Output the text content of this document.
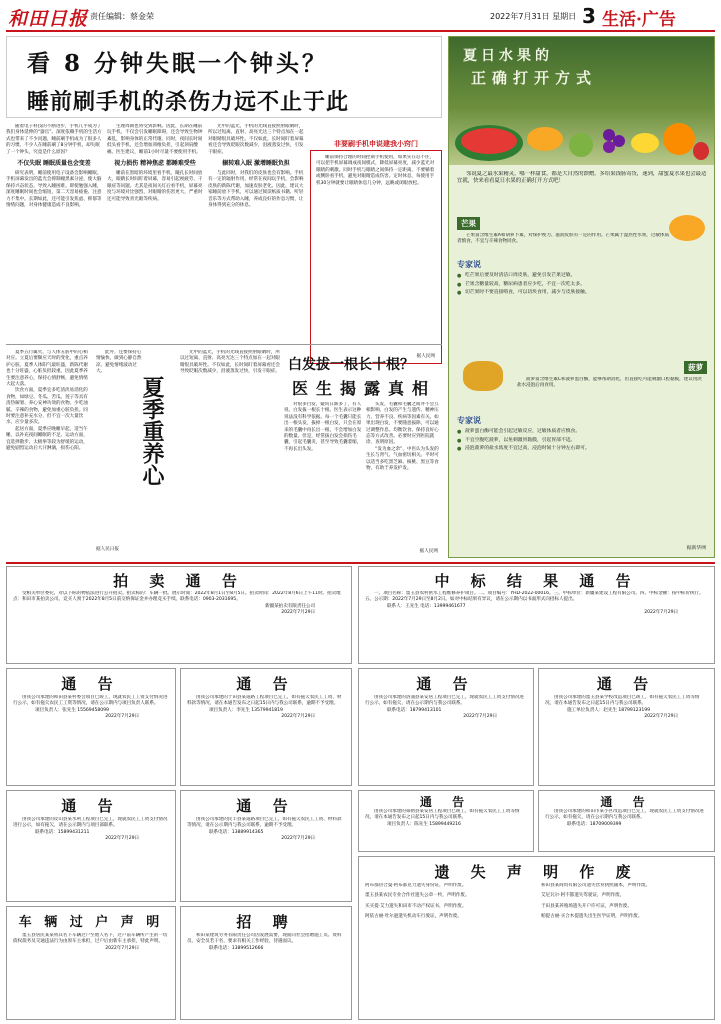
和田日报 责任编辑：蔡金荣	2022年7月31日 星期日 3 生活·广告
看 8 分钟失眠一个钟头？
睡前刷手机的杀伤力远不止于此

随着电子科技的不断进步，手机几乎成为了我们身体延伸的“器官”。深度依赖手机的生活方式也带来了不少问题，睡前刷手机成为了很多人的习惯，不少人在睡前刷了8分钟手机，却失眠了一个钟头，究竟是什么原因？

不仅失眠 睡眠质量也会变差

研究表明，睡前使用电子设备会影响睡眠。手机屏幕发出的蓝光会抑制褪黑素分泌，使大脑保持兴奋状态，导致入睡困难。即使勉强入睡，深度睡眠时间也会缩短，第二天容易疲倦、注意力不集中。长期如此，还可能引发焦虑、抑郁等情绪问题，对身体健康造成不良影响。

生理周期也将受到影响。因此，长期在睡前玩手机，不仅会引发睡眠障碍，还会导致生物钟紊乱，影响身体的正常代谢。同时，夜间长时间低头看手机，还会增加颈椎负担，引起颈肩酸痛。医生建议，睡前1小时尽量不要使用手机。

视力损伤 精神焦虑 都睡难受些

睡前在黑暗的环境里看手机，瞳孔长时间放大，眼睛长时间盯着屏幕，容易引起视疲劳、干眼症等问题。尤其是夜间关灯后看手机，屏幕亮度与环境对比强烈，对眼睛的伤害更大，严重时还可能导致青光眼等疾病。

光中的蓝光，手机的光线直接照射眼睛时，所以过短离、直射、高亮光达三个特点加在一起对眼睛很具破坏性。不仅如此，长时间盯着屏幕看还会导致眨眼次数减少，泪液蒸发过快，引发干眼症。

辗转难入眠 激增睡眠负担

与此同时，对我们的皮肤也会有影响。手机有一定的辐射作用，经常在夜间玩手机，会影响皮肤的新陈代谢，加速皮肤老化。因此，建议大家睡前放下手机，可以通过阅读纸质书籍、听轻音乐等方式帮助入睡，养成良好的作息习惯，让身体得到充分的休息。

非要刷手机申说建我小窍门

睡前保持合理的时间控制手机使用，如果实在忍不住，可以把手机屏幕调成夜间模式，降低屏幕亮度，减少蓝光对眼睛的刺激。同时手机与眼睛之间保持一定距离，不要躺着或侧卧看手机，避免对眼睛造成伤害。定时休息，每使用手机30分钟就要让眼睛休息几分钟，远眺或闭眼放松。

据人民网

夏季五行属火，与人体五脏中的心相对应。立夏后要顺应天时的变化，重点养护心脏。夏季人体阳气最旺盛，新陈代谢也十分旺盛，心脏负担较重。因此夏季养生要注意养心，保持心情舒畅，避免情绪大起大落。

饮食方面，夏季宜多吃清淡易消化的食物，如绿豆、冬瓜、苦瓜、莲子等具有清热解暑、养心安神功效的食物。少吃油腻、辛辣的食物，避免加重心脏负担。同时要注意补充水分，但不宜一次大量饮水，应少量多次。

起居方面，夏季应晚睡早起，适当午睡，以补充夜间睡眠的不足。运动方面，宜选择散步、太极拳等较为舒缓的运动，避免剧烈运动后大汗淋漓，损伤心阳。

此外，还要保持心情愉快，做到心静自然凉，避免情绪波动过大。

夏季重养心
据人民日报

光中的蓝光，手机的光线直接照射眼睛时，所以过短离、直射、高亮光达三个特点加在一起对眼睛很具破坏性。不仅如此，长时间盯着屏幕看还会导致眨眼次数减少，泪液蒸发过快，引发干眼症。 白发拔一根长十根？
医生揭露真相

对很多白发，疑问日渐多了，有人说，白发拔一根长十根。医生表示这种说法没有科学依据。每一个毛囊只能长出一根头发，拔掉一根白发，只会在原来的毛囊中再长出一根，不会增加白发的数量。但是，经常拔白发会损伤毛囊，引起毛囊炎，甚至导致毛囊萎缩，不再长出头发。

头发，毛囊和毛囊之间并不会互相影响，白发的产生与遗传、精神压力、营养不良、疾病等因素有关。如果出现白发，不要随意拔除，可以通过调整作息、均衡饮食、保持良好心态等方式改善。必要时应到医院就诊，查明原因。

“发为血之余”，中医认为头发的生长与肾气、气血密切相关。平时可以适当多吃黑芝麻、核桃、黑豆等食物，有助于养发护发。

据人民网
夏日水果的
正确打开方式

邻说夏之最水果精灵，哪一样甜食，都是大自然的馈赠，多给果钱肠寄货，速到，甜蜜夏水果也会最适宜就，快来看看夏日水果的正确打开方式吧！

芒果

芒果富含维生素A和胡萝卜素，对保护视力、滋润皮肤有一定的作用。芒果属于湿热性水果，过敏体质者慎食，不宜与辛辣食物同食。

专家说
● 吃芒果后要及时清洁口周皮肤，避免引发芒果过敏。
● 芒果含糖量较高，糖尿病患者应少吃，不宜一次吃太多。
● 切芒果时不要直接啃食，可以切块食用，减少与皮肤接触。
菠萝

菠萝富含维生素C和菠萝蛋白酶，能够帮助消化，但直接吃可能刺激口腔黏膜，建议用淡盐水浸泡后再食用。

专家说
● 菠萝蛋白酶可能会引起过敏反应，过敏体质者应慎食。
● 不宜空腹吃菠萝，以免刺激胃黏膜，引起胃部不适。
● 浸泡菠萝的盐水浓度不宜过高，浸泡时间十分钟左右即可。
据新华网
拍 卖 通 告

受相关单位委托，对以下标的物依法进行公开拍卖。拍卖标的：车辆一批。展示时间：2022年8月1日至8月5日。拍卖时间：2022年8月6日上午11时。拍卖地点：和田市某拍卖公司。竞买人须于2022年8月5日前交纳保证金并办理竞买手续。联系电话：0903-2031695。

新疆某拍卖有限责任公司

2022年7月29日

中 标 结 果 通 告

一、项目名称：墨玉县农村供水工程维修养护项目。二、项目编号：YHD-2022-00016。三、中标单位：新疆某建设工程有限公司。四、中标金额：按中标价执行。五、公示期：2022年7月29日至8月2日。如对中标结果有异议，请在公示期内以书面形式向招标人提出。

联系人：王先生 电话：13999461677

2022年7月29日

通 告

由我公司承建的和田县某村委会项目已竣工，现就农民工工资支付情况进行公示，如有拖欠农民工工资等情况，请在公示期内与项目负责人联系。

项目负责人：张先生 15569458099

2022年7月29日

通 告

由我公司承建的于田县某道路工程项目已完工，如有拖欠农民工工资、材料款等情况，请在本通告发布之日起15日内与我公司联系，逾期不予受理。

项目负责人：李先生 13579941819

2022年7月29日

通 告

由我公司承建的洛浦县某安居工程项目已完工，现就农民工工资支付情况进行公示，如有拖欠，请在公示期内与我公司联系。

联系电话：18799413101

2022年7月29日

通 告

由我公司承建的墨玉县某学校改造项目已竣工，如有拖欠农民工工资等情况，请在本通告发布之日起15日内与我公司联系。

施工单位负责人：赵先生 18799123199

2022年7月29日

通 告

由我公司承建的皮山县某水利工程项目已完工，现就农民工工资支付情况进行公示，如有拖欠，请在公示期内与项目部联系。

联系电话：15899431211

2022年7月29日

通 告

由我公司承建的民丰县某道路项目已完工，如有拖欠农民工工资、材料款等情况，请在公示期内与我公司联系，逾期不予受理。

联系电话：13889914365

2022年7月29日

通 告

由我公司承建的策勒县某安居工程项目已竣工，如有拖欠农民工工资等情况，请在本通告发布之日起15日内与我公司联系。

项目负责人：陈先生 15899449216

通 告

由我公司承建的和田市某小区改造项目已完工，现就农民工工资支付情况进行公示，如有拖欠，请在公示期内与我公司联系。

联系电话：18709009399

遗 失 声 明 作 废
阿布都热合曼·阿布都克力遗失身份证，声明作废。
墨玉县某农民专业合作社遗失公章一枚，声明作废。
买买提·艾力遗失和田市不动产权证书，声明作废。
阿依古丽·吐尔逊遗失机动车行驶证，声明作废。
和田县某商贸有限公司遗失营业执照副本，声明作废。
艾尼瓦尔·阿不都遗失驾驶证，声明作废。
于田县某养殖场遗失开户许可证，声明作废。
帕提古丽·买合木提遗失出生医学证明，声明作废。
车 辆 过 户 声 明

墨玉县居民某某将其名下车辆过户至他人名下，过户前车辆所产生的一切债权债务及交通违法行为由原车主承担，过户后由新车主承担，特此声明。

2022年7月29日

招 聘

和田某建筑劳务有限责任公司因发展需要，现面向社会招聘施工员、资料员、安全员若干名，要求有相关工作经验，待遇面议。

联系电话：13899512666
